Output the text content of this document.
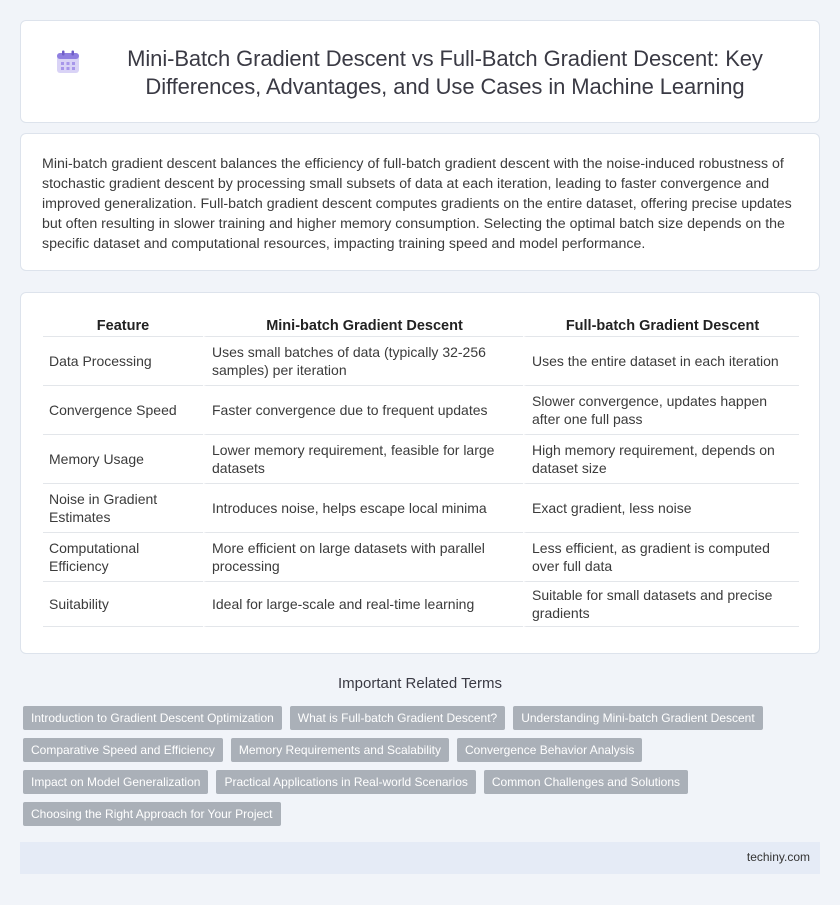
Mini-Batch Gradient Descent vs Full-Batch Gradient Descent: Key Differences, Advantages, and Use Cases in Machine Learning

Mini-batch gradient descent balances the efficiency of full-batch gradient descent with the noise-induced robustness of stochastic gradient descent by processing small subsets of data at each iteration, leading to faster convergence and improved generalization. Full-batch gradient descent computes gradients on the entire dataset, offering precise updates but often resulting in slower training and higher memory consumption. Selecting the optimal batch size depends on the specific dataset and computational resources, impacting training speed and model performance.

Feature	Mini-batch Gradient Descent	Full-batch Gradient Descent
Data Processing	Uses small batches of data (typically 32-256 samples) per iteration	Uses the entire dataset in each iteration
Convergence Speed	Faster convergence due to frequent updates	Slower convergence, updates happen after one full pass
Memory Usage	Lower memory requirement, feasible for large datasets	High memory requirement, depends on dataset size
Noise in Gradient Estimates	Introduces noise, helps escape local minima	Exact gradient, less noise
Computational Efficiency	More efficient on large datasets with parallel processing	Less efficient, as gradient is computed over full data
Suitability	Ideal for large-scale and real-time learning	Suitable for small datasets and precise gradients
Important Related Terms
Introduction to Gradient Descent Optimization	What is Full-batch Gradient Descent?	Understanding Mini-batch Gradient Descent
Comparative Speed and Efficiency	Memory Requirements and Scalability	Convergence Behavior Analysis
Impact on Model Generalization	Practical Applications in Real-world Scenarios	Common Challenges and Solutions
Choosing the Right Approach for Your Project
techiny.com
